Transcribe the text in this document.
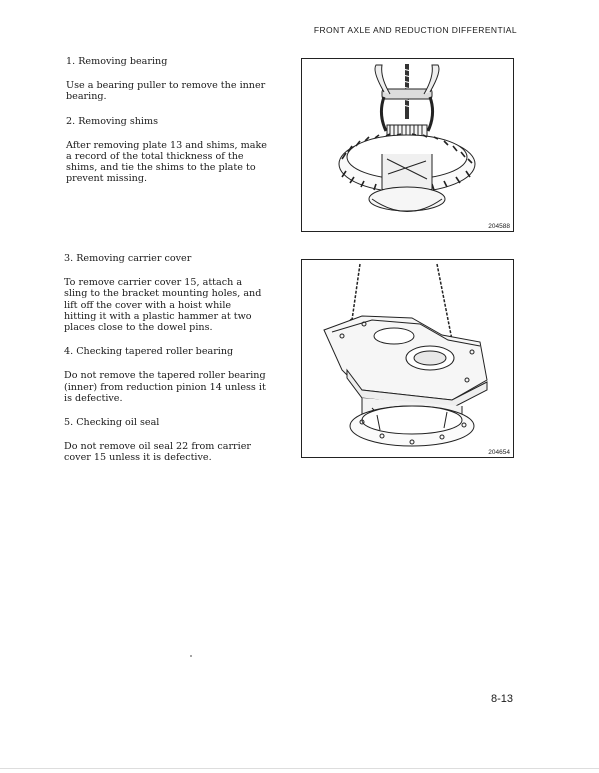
FRONT AXLE AND REDUCTION DIFFERENTIAL

1. Removing bearing

Use a bearing puller to remove the inner
bearing.

2. Removing shims

After removing plate 13 and shims, make
a record of the total thickness of the
shims, and tie the shims to the plate to
prevent missing.

3. Removing carrier cover

To remove carrier cover 15, attach a
sling to the bracket mounting holes, and
lift off the cover with a hoist while
hitting it with a plastic hammer at two
places close to the dowel pins.

4. Checking tapered roller bearing

Do not remove the tapered roller bearing
(inner) from reduction pinion 14 unless it
is defective.

5. Checking oil seal

Do not remove oil seal 22 from carrier
cover 15 unless it is defective.

204588
204654
8-13
